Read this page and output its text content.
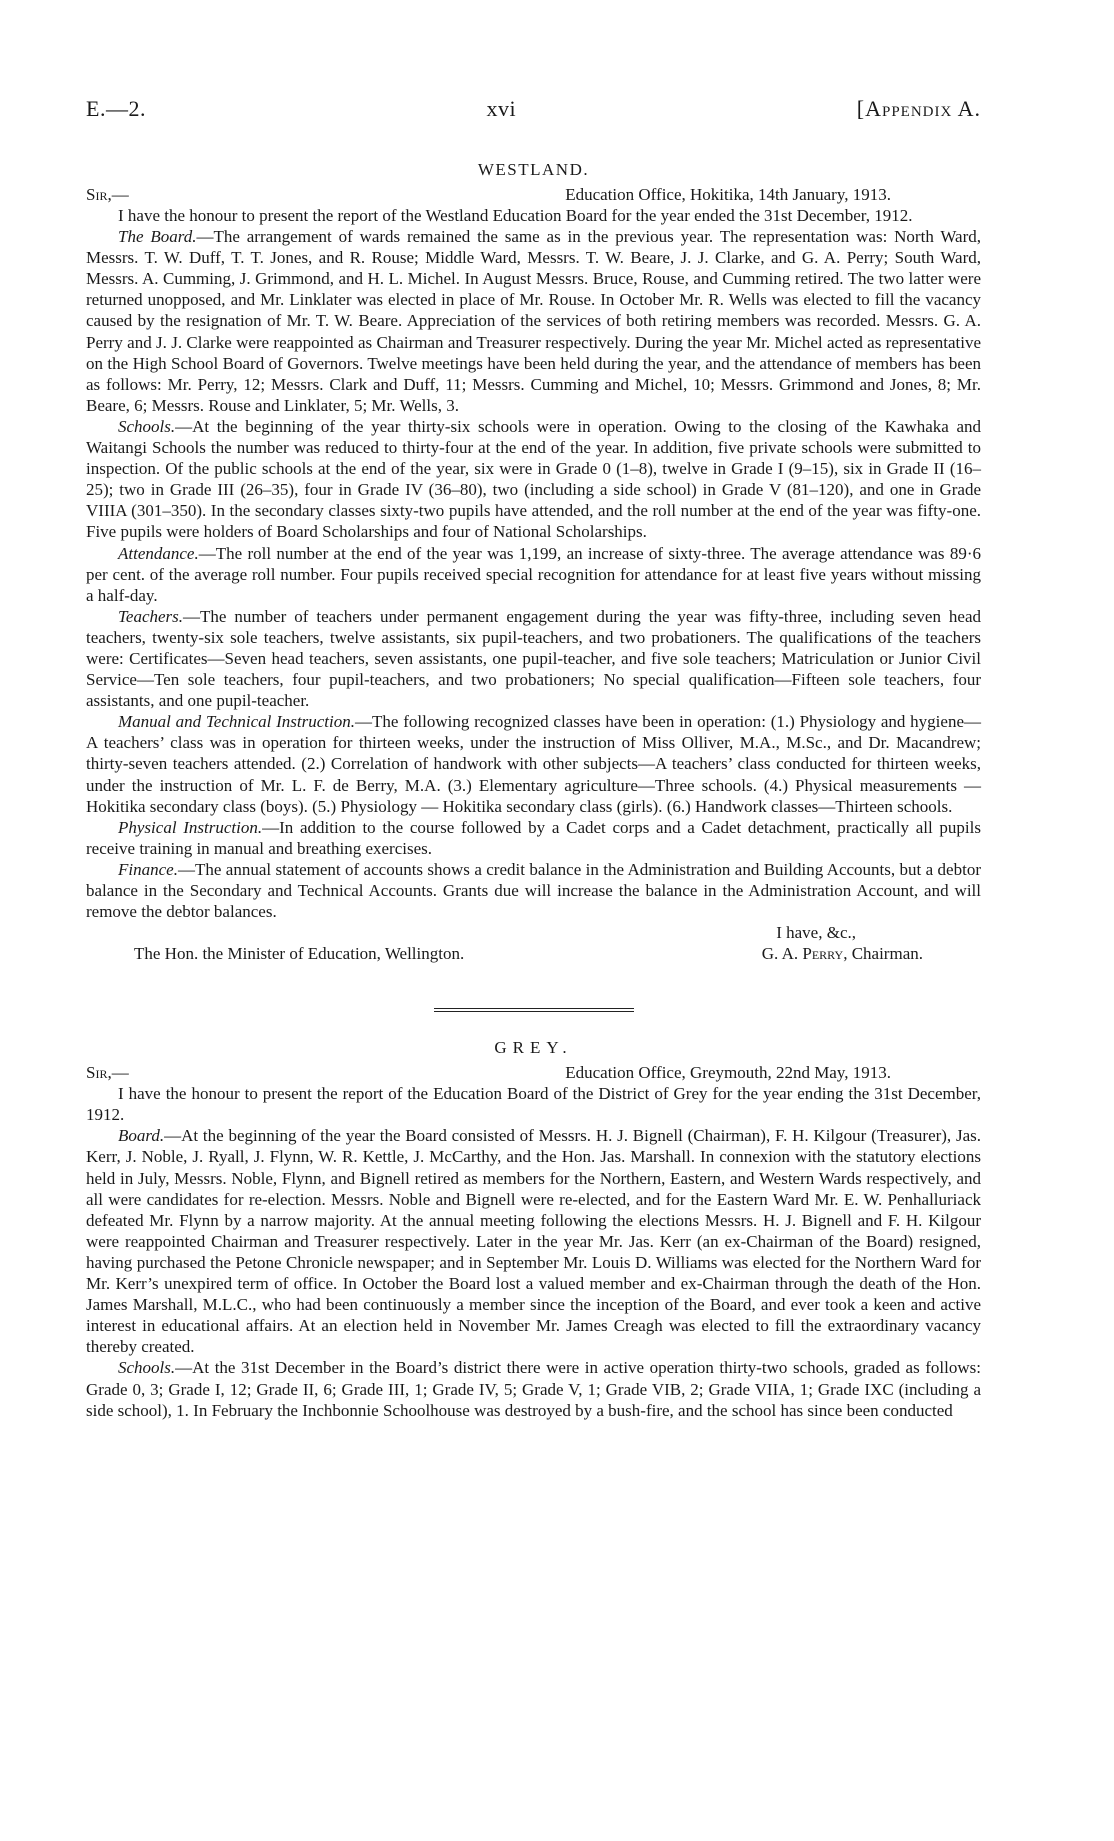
E.—2.	xvi	[Appendix A.
WESTLAND.
Sir,—	Education Office, Hokitika, 14th January, 1913.

I have the honour to present the report of the Westland Education Board for the year ended the 31st December, 1912.

The Board.—The arrangement of wards remained the same as in the previous year. The representation was: North Ward, Messrs. T. W. Duff, T. T. Jones, and R. Rouse; Middle Ward, Messrs. T. W. Beare, J. J. Clarke, and G. A. Perry; South Ward, Messrs. A. Cumming, J. Grimmond, and H. L. Michel. In August Messrs. Bruce, Rouse, and Cumming retired. The two latter were returned unopposed, and Mr. Linklater was elected in place of Mr. Rouse. In October Mr. R. Wells was elected to fill the vacancy caused by the resignation of Mr. T. W. Beare. Appreciation of the services of both retiring members was recorded. Messrs. G. A. Perry and J. J. Clarke were reappointed as Chairman and Treasurer respectively. During the year Mr. Michel acted as representative on the High School Board of Governors. Twelve meetings have been held during the year, and the attendance of members has been as follows: Mr. Perry, 12; Messrs. Clark and Duff, 11; Messrs. Cumming and Michel, 10; Messrs. Grimmond and Jones, 8; Mr. Beare, 6; Messrs. Rouse and Linklater, 5; Mr. Wells, 3.

Schools.—At the beginning of the year thirty-six schools were in operation. Owing to the closing of the Kawhaka and Waitangi Schools the number was reduced to thirty-four at the end of the year. In addition, five private schools were submitted to inspection. Of the public schools at the end of the year, six were in Grade 0 (1–8), twelve in Grade I (9–15), six in Grade II (16–25); two in Grade III (26–35), four in Grade IV (36–80), two (including a side school) in Grade V (81–120), and one in Grade VIIIA (301–350). In the secondary classes sixty-two pupils have attended, and the roll number at the end of the year was fifty-one. Five pupils were holders of Board Scholarships and four of National Scholarships.

Attendance.—The roll number at the end of the year was 1,199, an increase of sixty-three. The average attendance was 89·6 per cent. of the average roll number. Four pupils received special recognition for attendance for at least five years without missing a half-day.

Teachers.—The number of teachers under permanent engagement during the year was fifty-three, including seven head teachers, twenty-six sole teachers, twelve assistants, six pupil-teachers, and two probationers. The qualifications of the teachers were: Certificates—Seven head teachers, seven assistants, one pupil-teacher, and five sole teachers; Matriculation or Junior Civil Service—Ten sole teachers, four pupil-teachers, and two probationers; No special qualification—Fifteen sole teachers, four assistants, and one pupil-teacher.

Manual and Technical Instruction.—The following recognized classes have been in operation: (1.) Physiology and hygiene—A teachers’ class was in operation for thirteen weeks, under the instruction of Miss Olliver, M.A., M.Sc., and Dr. Macandrew; thirty-seven teachers attended. (2.) Correlation of handwork with other subjects—A teachers’ class conducted for thirteen weeks, under the instruction of Mr. L. F. de Berry, M.A. (3.) Elementary agriculture—Three schools. (4.) Physical measurements — Hokitika secondary class (boys). (5.) Physiology — Hokitika secondary class (girls). (6.) Handwork classes—Thirteen schools.

Physical Instruction.—In addition to the course followed by a Cadet corps and a Cadet detachment, practically all pupils receive training in manual and breathing exercises.

Finance.—The annual statement of accounts shows a credit balance in the Administration and Building Accounts, but a debtor balance in the Secondary and Technical Accounts. Grants due will increase the balance in the Administration Account, and will remove the debtor balances.

I have, &c.,
The Hon. the Minister of Education, Wellington.	G. A. Perry, Chairman.
GREY.
Sir,—	Education Office, Greymouth, 22nd May, 1913.

I have the honour to present the report of the Education Board of the District of Grey for the year ending the 31st December, 1912.

Board.—At the beginning of the year the Board consisted of Messrs. H. J. Bignell (Chairman), F. H. Kilgour (Treasurer), Jas. Kerr, J. Noble, J. Ryall, J. Flynn, W. R. Kettle, J. McCarthy, and the Hon. Jas. Marshall. In connexion with the statutory elections held in July, Messrs. Noble, Flynn, and Bignell retired as members for the Northern, Eastern, and Western Wards respectively, and all were candidates for re-election. Messrs. Noble and Bignell were re-elected, and for the Eastern Ward Mr. E. W. Penhalluriack defeated Mr. Flynn by a narrow majority. At the annual meeting following the elections Messrs. H. J. Bignell and F. H. Kilgour were reappointed Chairman and Treasurer respectively. Later in the year Mr. Jas. Kerr (an ex-Chairman of the Board) resigned, having purchased the Petone Chronicle newspaper; and in September Mr. Louis D. Williams was elected for the Northern Ward for Mr. Kerr’s unexpired term of office. In October the Board lost a valued member and ex-Chairman through the death of the Hon. James Marshall, M.L.C., who had been continuously a member since the inception of the Board, and ever took a keen and active interest in educational affairs. At an election held in November Mr. James Creagh was elected to fill the extraordinary vacancy thereby created.

Schools.—At the 31st December in the Board’s district there were in active operation thirty-two schools, graded as follows: Grade 0, 3; Grade I, 12; Grade II, 6; Grade III, 1; Grade IV, 5; Grade V, 1; Grade VIB, 2; Grade VIIA, 1; Grade IXC (including a side school), 1. In February the Inchbonnie Schoolhouse was destroyed by a bush-fire, and the school has since been conducted
